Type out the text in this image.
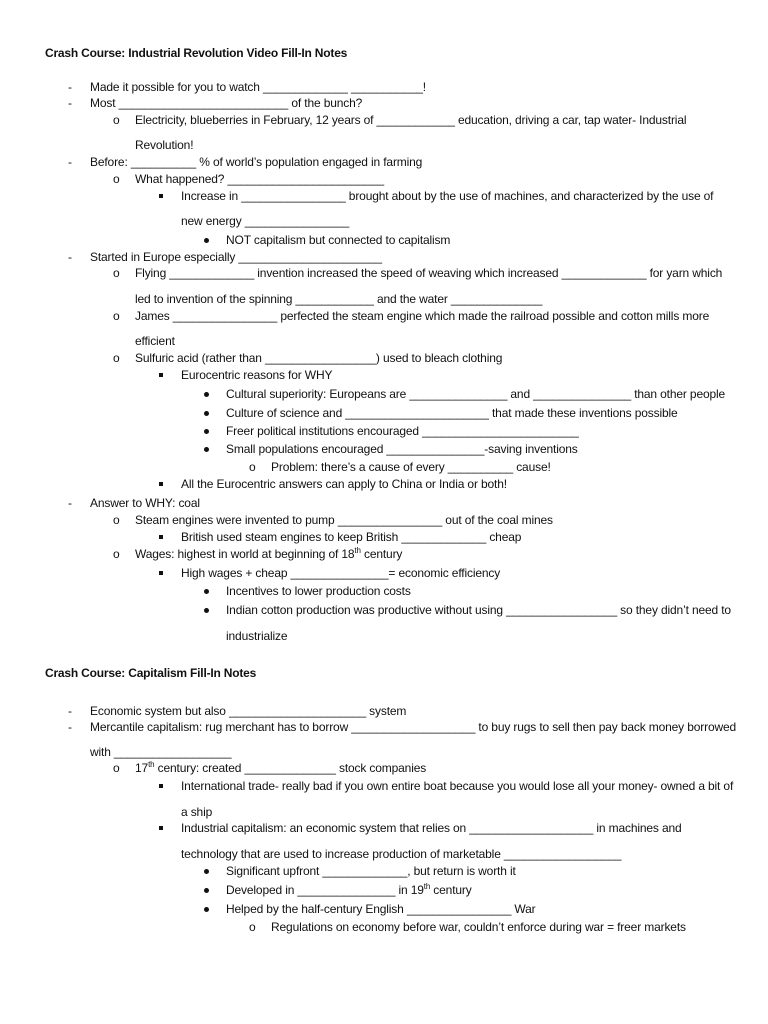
Crash Course: Industrial Revolution Video Fill-In Notes
- Made it possible for you to watch _____________ ___________!
- Most __________________________ of the bunch?
o Electricity, blueberries in February, 12 years of ____________ education, driving a car, tap water- Industrial
Revolution!
- Before: __________ % of world’s population engaged in farming
o What happened? ________________________
Increase in ________________ brought about by the use of machines, and characterized by the use of
new energy ________________
NOT capitalism but connected to capitalism
- Started in Europe especially ______________________
o Flying _____________ invention increased the speed of weaving which increased _____________ for yarn which
led to invention of the spinning ____________ and the water ______________
o James ________________ perfected the steam engine which made the railroad possible and cotton mills more
efficient
o Sulfuric acid (rather than _________________) used to bleach clothing
Eurocentric reasons for WHY
Cultural superiority: Europeans are _______________ and _______________ than other people
Culture of science and ______________________ that made these inventions possible
Freer political institutions encouraged ________________________
Small populations encouraged _______________-saving inventions
o Problem: there’s a cause of every __________ cause!
All the Eurocentric answers can apply to China or India or both!
- Answer to WHY: coal
o Steam engines were invented to pump ________________ out of the coal mines
British used steam engines to keep British _____________ cheap
o Wages: highest in world at beginning of 18th century
High wages + cheap _______________= economic efficiency
Incentives to lower production costs
Indian cotton production was productive without using _________________ so they didn’t need to
industrialize
Crash Course: Capitalism Fill-In Notes
- Economic system but also _____________________ system
- Mercantile capitalism: rug merchant has to borrow ___________________ to buy rugs to sell then pay back money borrowed
with __________________
o 17th century: created ______________ stock companies
International trade- really bad if you own entire boat because you would lose all your money- owned a bit of
a ship
Industrial capitalism: an economic system that relies on ___________________ in machines and
technology that are used to increase production of marketable __________________
Significant upfront _____________, but return is worth it
Developed in _______________ in 19th century
Helped by the half-century English ________________ War
o Regulations on economy before war, couldn’t enforce during war = freer markets
